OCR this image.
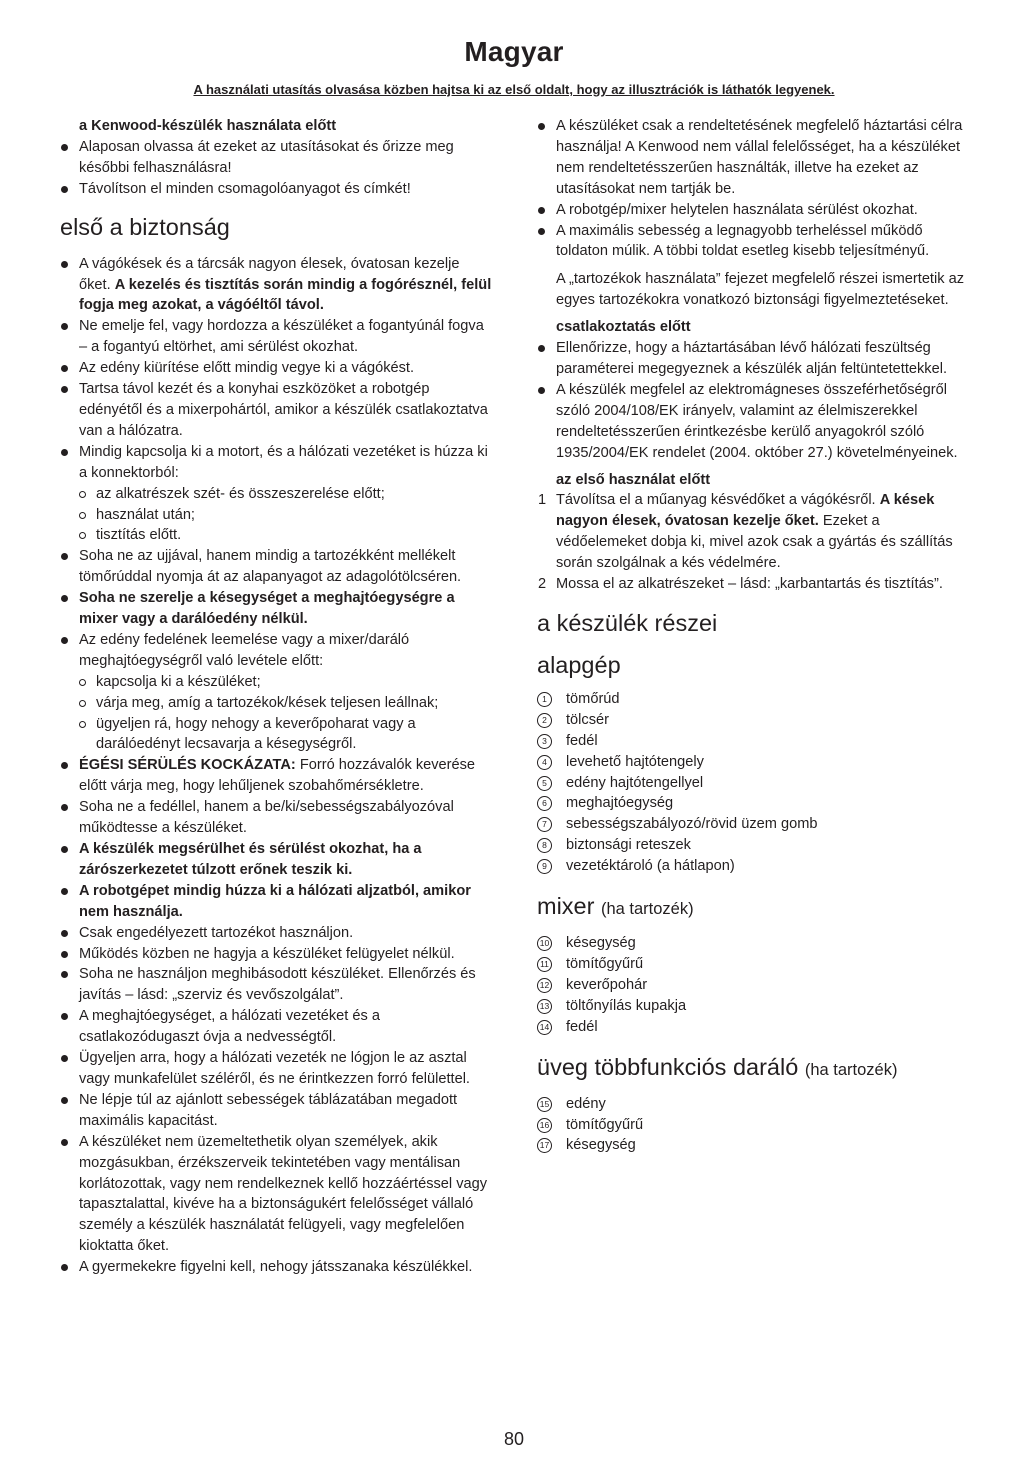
Magyar
A használati utasítás olvasása közben hajtsa ki az első oldalt, hogy az illusztrációk is láthatók legyenek.

a Kenwood-készülék használata előtt

Alaposan olvassa át ezeket az utasításokat és őrizze meg későbbi felhasználásra!

Távolítson el minden csomagolóanyagot és címkét!

első a biztonság

A vágókések és a tárcsák nagyon élesek, óvatosan kezelje őket. A kezelés és tisztítás során mindig a fogórésznél, felül fogja meg azokat, a vágóéltől távol.

Ne emelje fel, vagy hordozza a készüléket a fogantyúnál fogva – a fogantyú eltörhet, ami sérülést okozhat.

Az edény kiürítése előtt mindig vegye ki a vágókést.

Tartsa távol kezét és a konyhai eszközöket a robotgép edényétől és a mixerpohártól, amikor a készülék csatlakoztatva van a hálózatra.

Mindig kapcsolja ki a motort, és a hálózati vezetéket is húzza ki a konnektorból:

az alkatrészek szét- és összeszerelése előtt;

használat után;

tisztítás előtt.

Soha ne az ujjával, hanem mindig a tartozékként mellékelt tömőrúddal nyomja át az alapanyagot az adagolótölcséren.

Soha ne szerelje a késegységet a meghajtóegységre a mixer vagy a darálóedény nélkül.

Az edény fedelének leemelése vagy a mixer/daráló meghajtóegységről való levétele előtt:

kapcsolja ki a készüléket;

várja meg, amíg a tartozékok/kések teljesen leállnak;

ügyeljen rá, hogy nehogy a keverőpoharat vagy a darálóedényt lecsavarja a késegységről.

ÉGÉSI SÉRÜLÉS KOCKÁZATA: Forró hozzávalók keverése előtt várja meg, hogy lehűljenek szobahőmérsékletre.

Soha ne a fedéllel, hanem a be/ki/sebességszabályozóval működtesse a készüléket.

A készülék megsérülhet és sérülést okozhat, ha a zárószerkezetet túlzott erőnek teszik ki.

A robotgépet mindig húzza ki a hálózati aljzatból, amikor nem használja.

Csak engedélyezett tartozékot használjon.

Működés közben ne hagyja a készüléket felügyelet nélkül.

Soha ne használjon meghibásodott készüléket. Ellenőrzés és javítás – lásd: „szerviz és vevőszolgálat”.

A meghajtóegységet, a hálózati vezetéket és a csatlakozódugaszt óvja a nedvességtől.

Ügyeljen arra, hogy a hálózati vezeték ne lógjon le az asztal vagy munkafelület széléről, és ne érintkezzen forró felülettel.

Ne lépje túl az ajánlott sebességek táblázatában megadott maximális kapacitást.

A készüléket nem üzemeltethetik olyan személyek, akik mozgásukban, érzékszerveik tekintetében vagy mentálisan korlátozottak, vagy nem rendelkeznek kellő hozzáértéssel vagy tapasztalattal, kivéve ha a biztonságukért felelősséget vállaló személy a készülék használatát felügyeli, vagy megfelelően kioktatta őket.

A gyermekekre figyelni kell, nehogy játsszanaka készülékkel.

A készüléket csak a rendeltetésének megfelelő háztartási célra használja! A Kenwood nem vállal felelősséget, ha a készüléket nem rendeltetésszerűen használták, illetve ha ezeket az utasításokat nem tartják be.

A robotgép/mixer helytelen használata sérülést okozhat.

A maximális sebesség a legnagyobb terheléssel működő toldaton múlik. A többi toldat esetleg kisebb teljesítményű.

A „tartozékok használata” fejezet megfelelő részei ismertetik az egyes tartozékokra vonatkozó biztonsági figyelmeztetéseket.

csatlakoztatás előtt

Ellenőrizze, hogy a háztartásában lévő hálózati feszültség paraméterei megegyeznek a készülék alján feltüntetettekkel.

A készülék megfelel az elektromágneses összeférhetőségről szóló 2004/108/EK irányelv, valamint az élelmiszerekkel rendeltetésszerűen érintkezésbe kerülő anyagokról szóló 1935/2004/EK rendelet (2004. október 27.) követelményeinek.

az első használat előtt

1 Távolítsa el a műanyag késvédőket a vágókésről. A kések nagyon élesek, óvatosan kezelje őket. Ezeket a védőelemeket dobja ki, mivel azok csak a gyártás és szállítás során szolgálnak a kés védelmére.

2 Mossa el az alkatrészeket – lásd: „karbantartás és tisztítás”.

a készülék részei

alapgép

1	tömőrúd

2	tölcsér

3	fedél

4	levehető hajtótengely

5	edény hajtótengellyel

6	meghajtóegység

7	sebességszabályozó/rövid üzem gomb

8	biztonsági reteszek

9	vezetéktároló (a hátlapon)

mixer (ha tartozék)

10 késegység

11 tömítőgyűrű

12 keverőpohár

13 töltőnyílás kupakja

14 fedél

üveg többfunkciós daráló (ha tartozék)

15 edény

16 tömítőgyűrű

17 késegység

80
